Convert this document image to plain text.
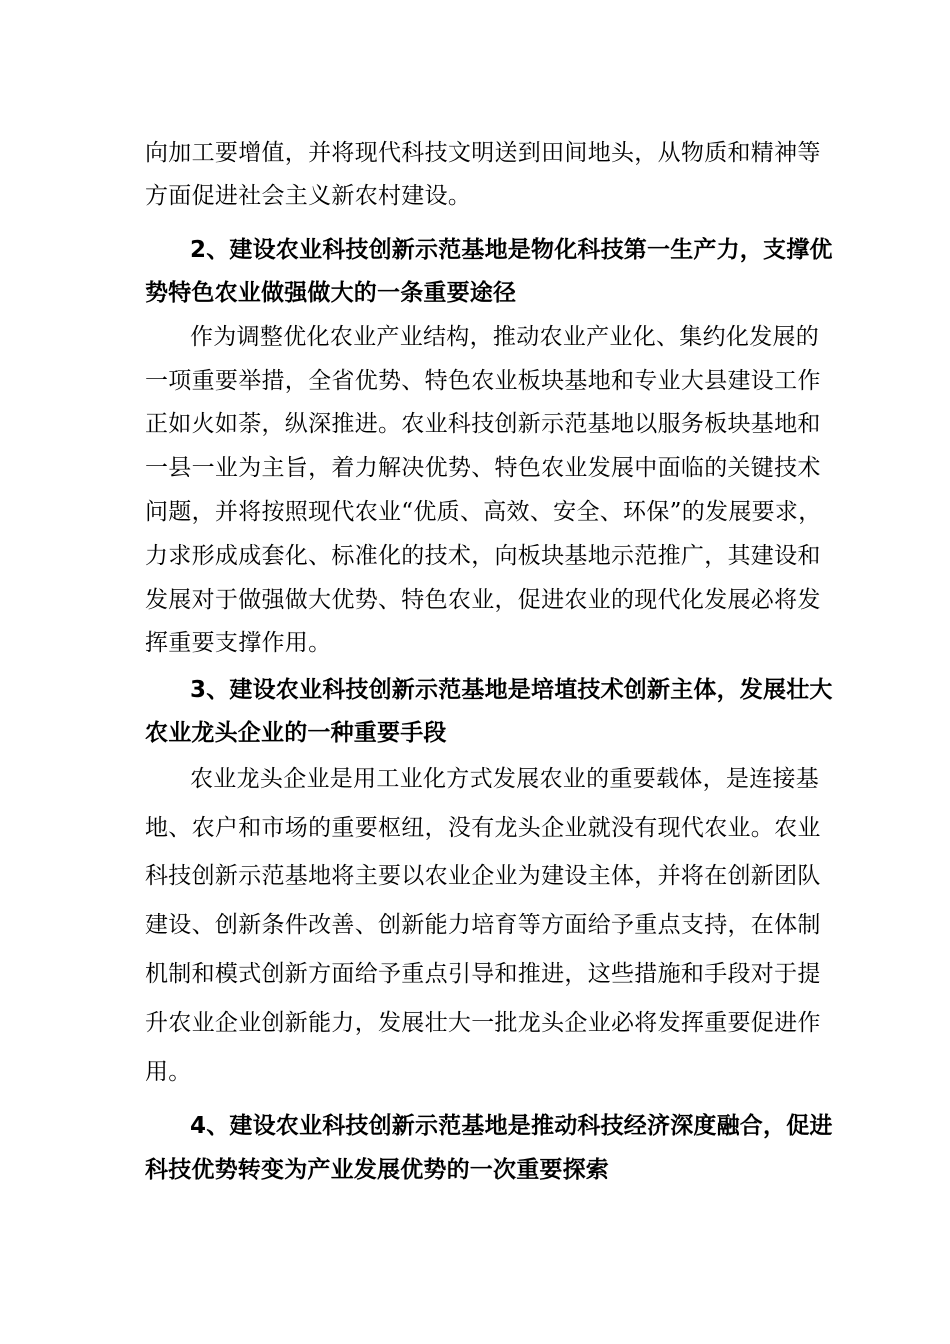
向加工要增值，并将现代科技文明送到田间地头，从物质和精神等
方面促进社会主义新农村建设。
2、建设农业科技创新示范基地是物化科技第一生产力，支撑优
势特色农业做强做大的一条重要途径
作为调整优化农业产业结构，推动农业产业化、集约化发展的
一项重要举措，全省优势、特色农业板块基地和专业大县建设工作
正如火如荼，纵深推进。农业科技创新示范基地以服务板块基地和
一县一业为主旨，着力解决优势、特色农业发展中面临的关键技术
问题，并将按照现代农业“优质、高效、安全、环保”的发展要求，
力求形成成套化、标准化的技术，向板块基地示范推广，其建设和
发展对于做强做大优势、特色农业，促进农业的现代化发展必将发
挥重要支撑作用。
3、建设农业科技创新示范基地是培埴技术创新主体，发展壮大
农业龙头企业的一种重要手段
农业龙头企业是用工业化方式发展农业的重要载体，是连接基
地、农户和市场的重要枢纽，没有龙头企业就没有现代农业。农业
科技创新示范基地将主要以农业企业为建设主体，并将在创新团队
建设、创新条件改善、创新能力培育等方面给予重点支持，在体制
机制和模式创新方面给予重点引导和推进，这些措施和手段对于提
升农业企业创新能力，发展壮大一批龙头企业必将发挥重要促进作
用。
4、建设农业科技创新示范基地是推动科技经济深度融合，促进
科技优势转变为产业发展优势的一次重要探索
